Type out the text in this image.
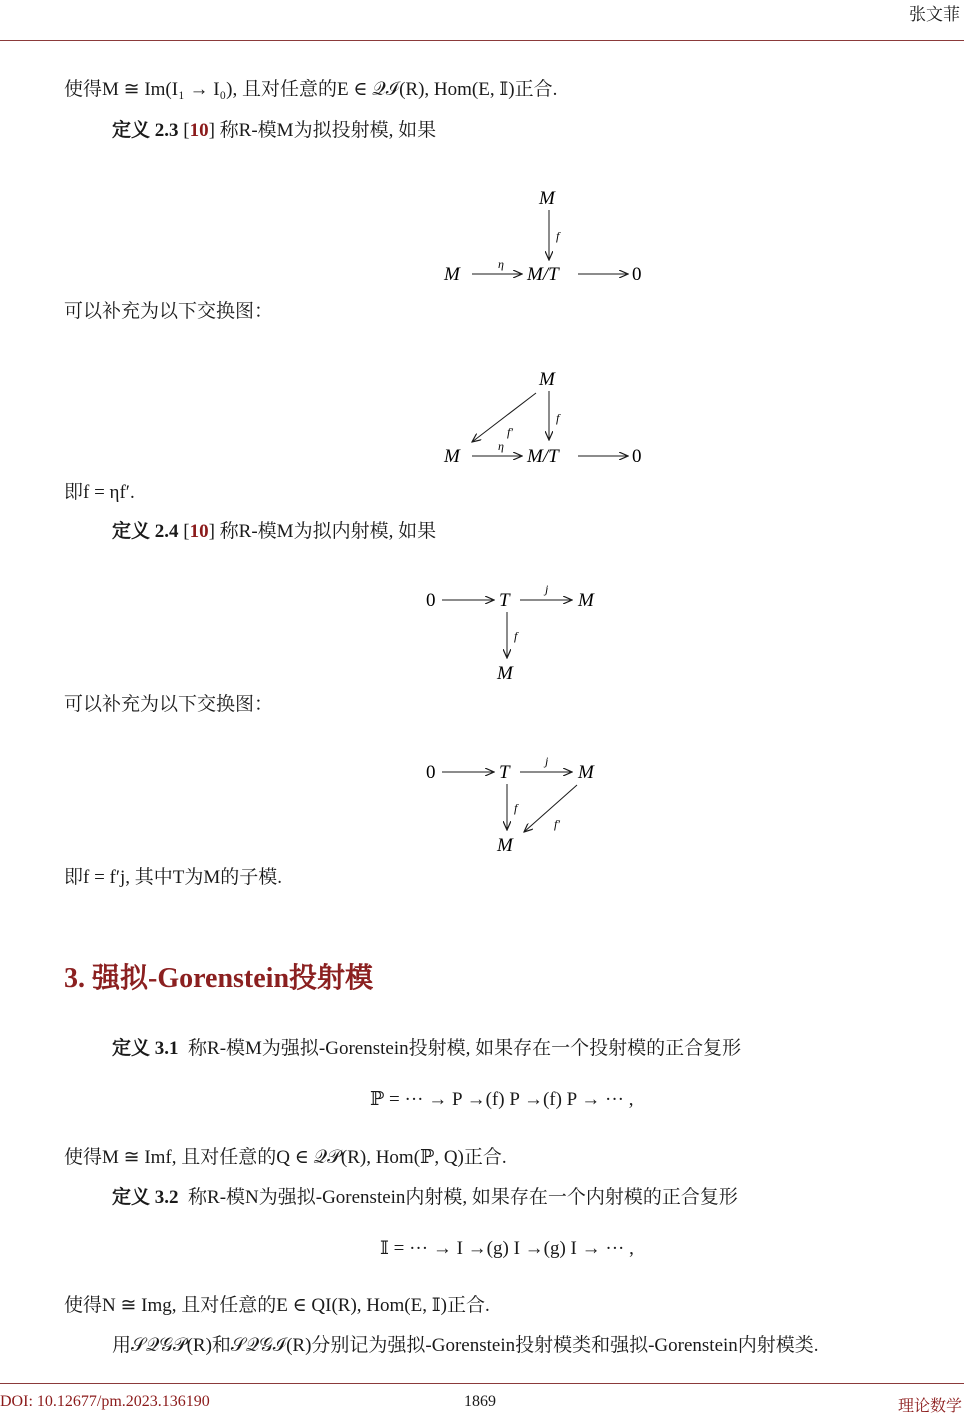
张文菲
使得M ≅ Im(I₁ → I₀), 且对任意的E ∈ 𝒬ℐ(R), Hom(E, 𝕀)正合.
定义 2.3 [10] 称R-模M为拟投射模, 如果
M
f
M	η M/T	0
可以补充为以下交换图：
M
f
f′
M	η M/T	0
即f = ηf′.
定义 2.4 [10] 称R-模M为拟内射模, 如果
0	T
j
M
f
M
可以补充为以下交换图：
0	T
j
M
f
f′
M
即f = f′j, 其中T为M的子模.
3. 强拟-Gorenstein投射模
定义 3.1 称R-模M为强拟-Gorenstein投射模, 如果存在一个投射模的正合复形
ℙ = ··· → P →(f) P →(f) P → ··· ,
使得M ≅ Imf, 且对任意的Q ∈ 𝒬𝒫(R), Hom(ℙ, Q)正合.
定义 3.2 称R-模N为强拟-Gorenstein内射模, 如果存在一个内射模的正合复形
𝕀 = ··· → I →(g) I →(g) I → ··· ,
使得N ≅ Img, 且对任意的E ∈ QI(R), Hom(E, 𝕀)正合.
用𝒮𝒬𝒢𝒫(R)和𝒮𝒬𝒢ℐ(R)分别记为强拟-Gorenstein投射模类和强拟-Gorenstein内射模类.
DOI: 10.12677/pm.2023.136190	1869	理论数学
